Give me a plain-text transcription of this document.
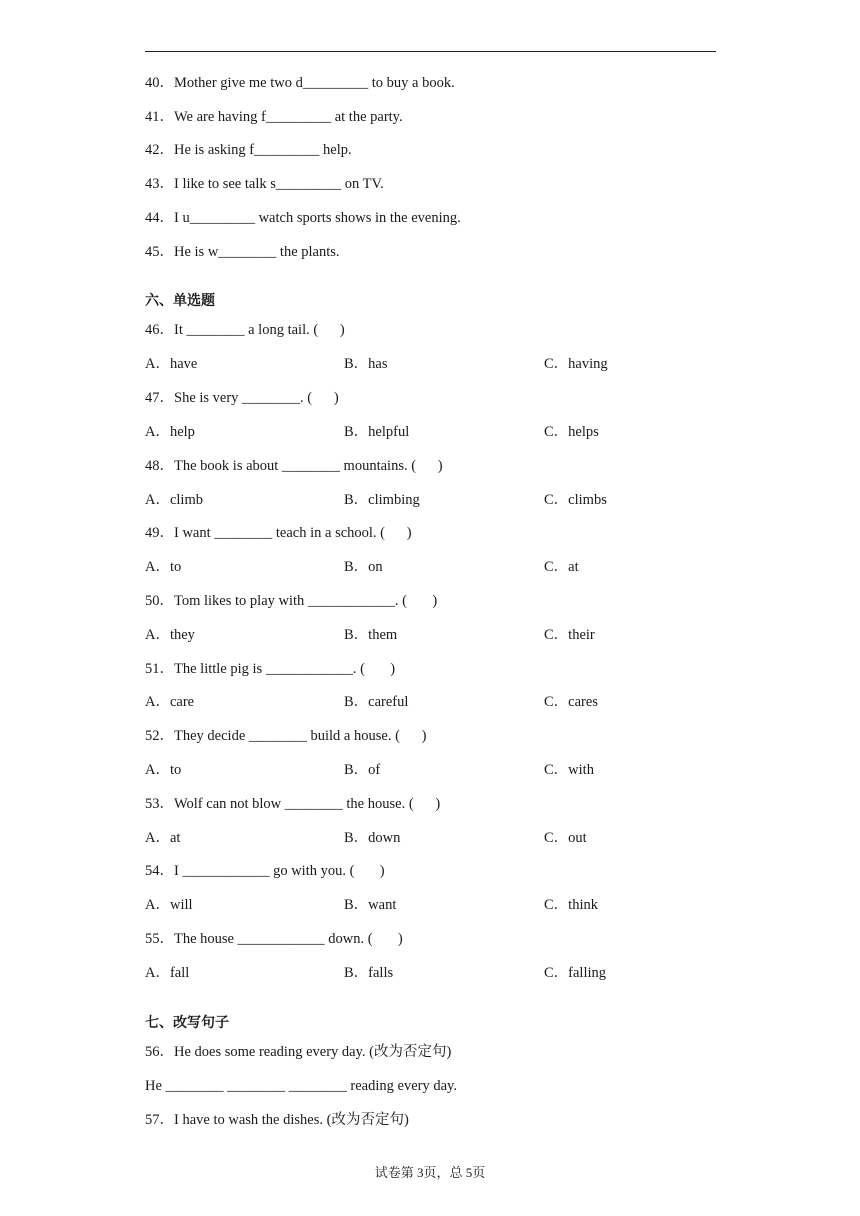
40．Mother give me two d_________ to buy a book.
41．We are having f_________ at the party.
42．He is asking f_________ help.
43．I like to see talk s_________ on TV.
44．I u_________ watch sports shows in the evening.
45．He is w________ the plants.
六、单选题
46．It ________ a long tail. (      )
A．have	B．has	C．having
47．She is very ________. (      )
A．help	B．helpful	C．helps
48．The book is about ________ mountains. (      )
A．climb	B．climbing	C．climbs
49．I want ________ teach in a school. (      )
A．to	B．on	C．at
50．Tom likes to play with ____________. (       )
A．they	B．them	C．their
51．The little pig is ____________. (       )
A．care	B．careful	C．cares
52．They decide ________ build a house. (      )
A．to	B．of	C．with
53．Wolf can not blow ________ the house. (      )
A．at	B．down	C．out
54．I ____________ go with you. (       )
A．will	B．want	C．think
55．The house ____________ down. (       )
A．fall	B．falls	C．falling
七、改写句子
56．He does some reading every day. (改为否定句)
He ________ ________ ________ reading every day.
57．I have to wash the dishes. (改为否定句)
试卷第 3页，总 5页
